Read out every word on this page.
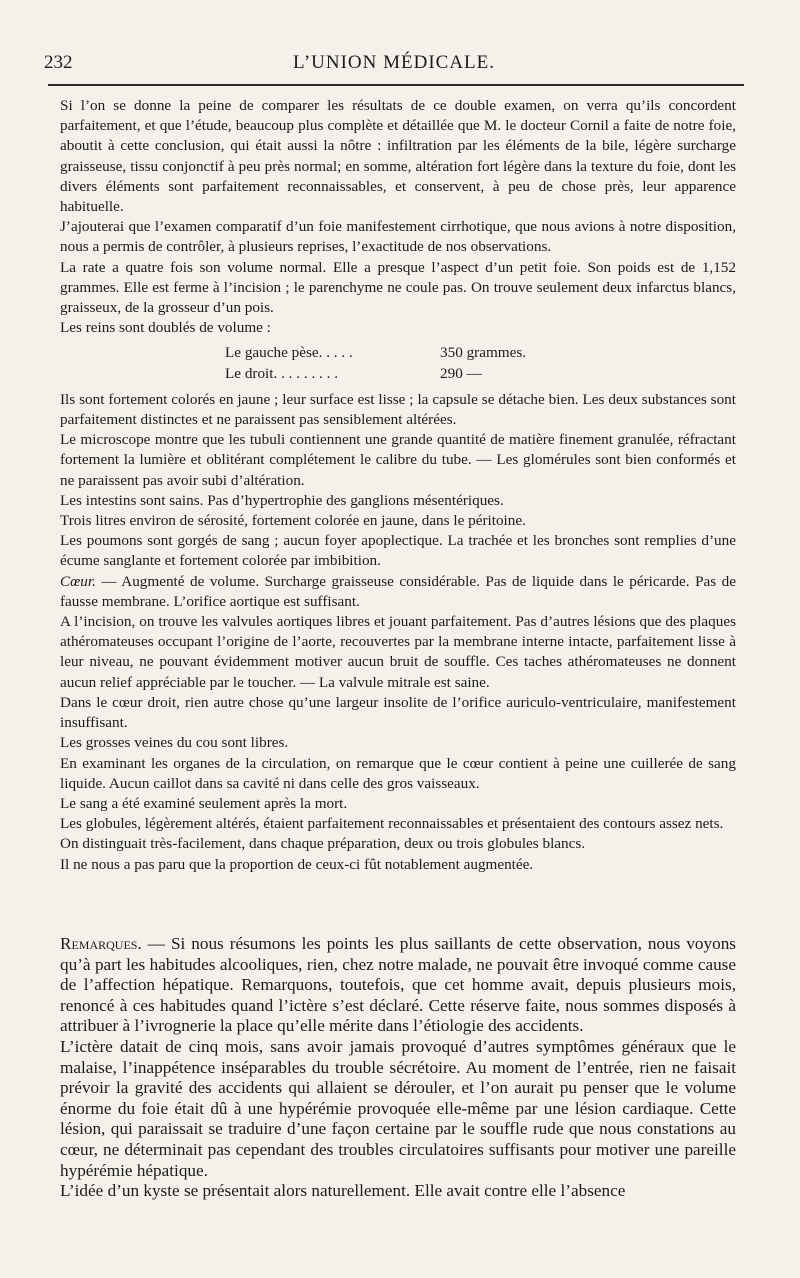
232	L’UNION MÉDICALE.

Si l’on se donne la peine de comparer les résultats de ce double examen, on verra qu’ils concordent parfaitement, et que l’étude, beaucoup plus complète et détaillée que M. le docteur Cornil a faite de notre foie, aboutit à cette conclusion, qui était aussi la nôtre : infiltration par les éléments de la bile, légère surcharge graisseuse, tissu conjonctif à peu près normal; en somme, altération fort légère dans la texture du foie, dont les divers éléments sont parfaitement reconnaissables, et conservent, à peu de chose près, leur apparence habituelle.

J’ajouterai que l’examen comparatif d’un foie manifestement cirrhotique, que nous avions à notre disposition, nous a permis de contrôler, à plusieurs reprises, l’exactitude de nos observations.

La rate a quatre fois son volume normal. Elle a presque l’aspect d’un petit foie. Son poids est de 1,152 grammes. Elle est ferme à l’incision ; le parenchyme ne coule pas. On trouve seulement deux infarctus blancs, graisseux, de la grosseur d’un pois.

Les reins sont doublés de volume :

Le gauche pèse. . . . .	350 grammes.
Le droit. . . . . . . . .	290 —

Ils sont fortement colorés en jaune ; leur surface est lisse ; la capsule se détache bien. Les deux substances sont parfaitement distinctes et ne paraissent pas sensiblement altérées.

Le microscope montre que les tubuli contiennent une grande quantité de matière finement granulée, réfractant fortement la lumière et oblitérant complétement le calibre du tube. — Les glomérules sont bien conformés et ne paraissent pas avoir subi d’altération.

Les intestins sont sains. Pas d’hypertrophie des ganglions mésentériques.

Trois litres environ de sérosité, fortement colorée en jaune, dans le péritoine.

Les poumons sont gorgés de sang ; aucun foyer apoplectique. La trachée et les bronches sont remplies d’une écume sanglante et fortement colorée par imbibition.

Cœur. — Augmenté de volume. Surcharge graisseuse considérable. Pas de liquide dans le péricarde. Pas de fausse membrane. L’orifice aortique est suffisant.

A l’incision, on trouve les valvules aortiques libres et jouant parfaitement. Pas d’autres lésions que des plaques athéromateuses occupant l’origine de l’aorte, recouvertes par la membrane interne intacte, parfaitement lisse à leur niveau, ne pouvant évidemment motiver aucun bruit de souffle. Ces taches athéromateuses ne donnent aucun relief appréciable par le toucher. — La valvule mitrale est saine.

Dans le cœur droit, rien autre chose qu’une largeur insolite de l’orifice auriculo-ventriculaire, manifestement insuffisant.

Les grosses veines du cou sont libres.

En examinant les organes de la circulation, on remarque que le cœur contient à peine une cuillerée de sang liquide. Aucun caillot dans sa cavité ni dans celle des gros vaisseaux.

Le sang a été examiné seulement après la mort.

Les globules, légèrement altérés, étaient parfaitement reconnaissables et présentaient des contours assez nets.

On distinguait très-facilement, dans chaque préparation, deux ou trois globules blancs.

Il ne nous a pas paru que la proportion de ceux-ci fût notablement augmentée.

Remarques. — Si nous résumons les points les plus saillants de cette observation, nous voyons qu’à part les habitudes alcooliques, rien, chez notre malade, ne pouvait être invoqué comme cause de l’affection hépatique. Remarquons, toutefois, que cet homme avait, depuis plusieurs mois, renoncé à ces habitudes quand l’ictère s’est déclaré. Cette réserve faite, nous sommes disposés à attribuer à l’ivrognerie la place qu’elle mérite dans l’étiologie des accidents.

L’ictère datait de cinq mois, sans avoir jamais provoqué d’autres symptômes généraux que le malaise, l’inappétence inséparables du trouble sécrétoire. Au moment de l’entrée, rien ne faisait prévoir la gravité des accidents qui allaient se dérouler, et l’on aurait pu penser que le volume énorme du foie était dû à une hypérémie provoquée elle-même par une lésion cardiaque. Cette lésion, qui paraissait se traduire d’une façon certaine par le souffle rude que nous constations au cœur, ne déterminait pas cependant des troubles circulatoires suffisants pour motiver une pareille hypérémie hépatique.

L’idée d’un kyste se présentait alors naturellement. Elle avait contre elle l’absence
